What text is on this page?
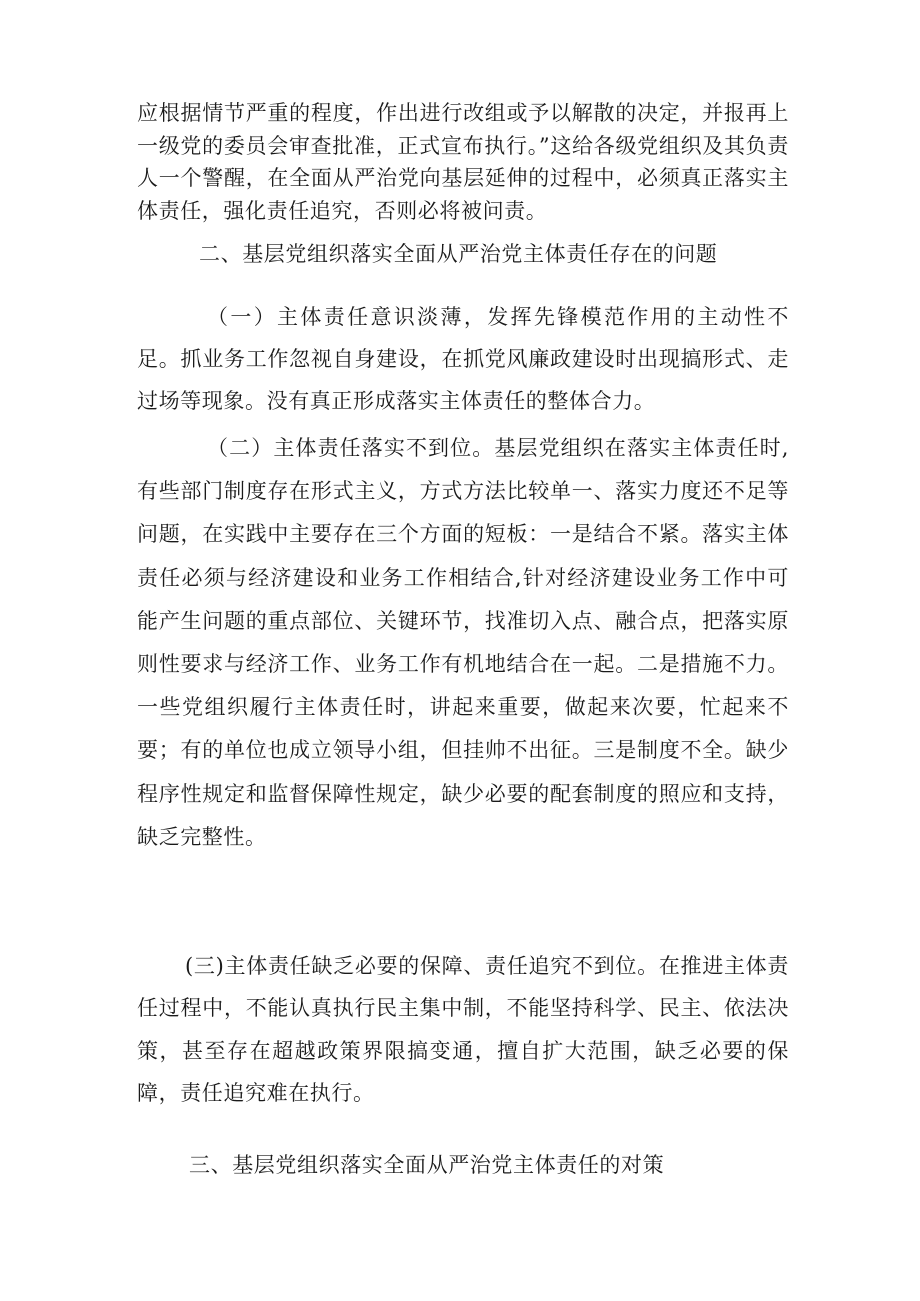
应根据情节严重的程度，作出进行改组或予以解散的决定，并报再上一级党的委员会审查批准，正式宣布执行。”这给各级党组织及其负责人一个警醒，在全面从严治党向基层延伸的过程中，必须真正落实主体责任，强化责任追究，否则必将被问责。

二、基层党组织落实全面从严治党主体责任存在的问题

（一）主体责任意识淡薄，发挥先锋模范作用的主动性不足。抓业务工作忽视自身建设，在抓党风廉政建设时出现搞形式、走过场等现象。没有真正形成落实主体责任的整体合力。

（二）主体责任落实不到位。基层党组织在落实主体责任时,有些部门制度存在形式主义，方式方法比较单一、落实力度还不足等问题，在实践中主要存在三个方面的短板：一是结合不紧。落实主体责任必须与经济建设和业务工作相结合,针对经济建设业务工作中可能产生问题的重点部位、关键环节，找准切入点、融合点，把落实原则性要求与经济工作、业务工作有机地结合在一起。二是措施不力。一些党组织履行主体责任时，讲起来重要，做起来次要，忙起来不要；有的单位也成立领导小组，但挂帅不出征。三是制度不全。缺少程序性规定和监督保障性规定，缺少必要的配套制度的照应和支持，缺乏完整性。

(三)主体责任缺乏必要的保障、责任追究不到位。在推进主体责任过程中，不能认真执行民主集中制，不能坚持科学、民主、依法决策，甚至存在超越政策界限搞变通，擅自扩大范围，缺乏必要的保障，责任追究难在执行。

三、基层党组织落实全面从严治党主体责任的对策
